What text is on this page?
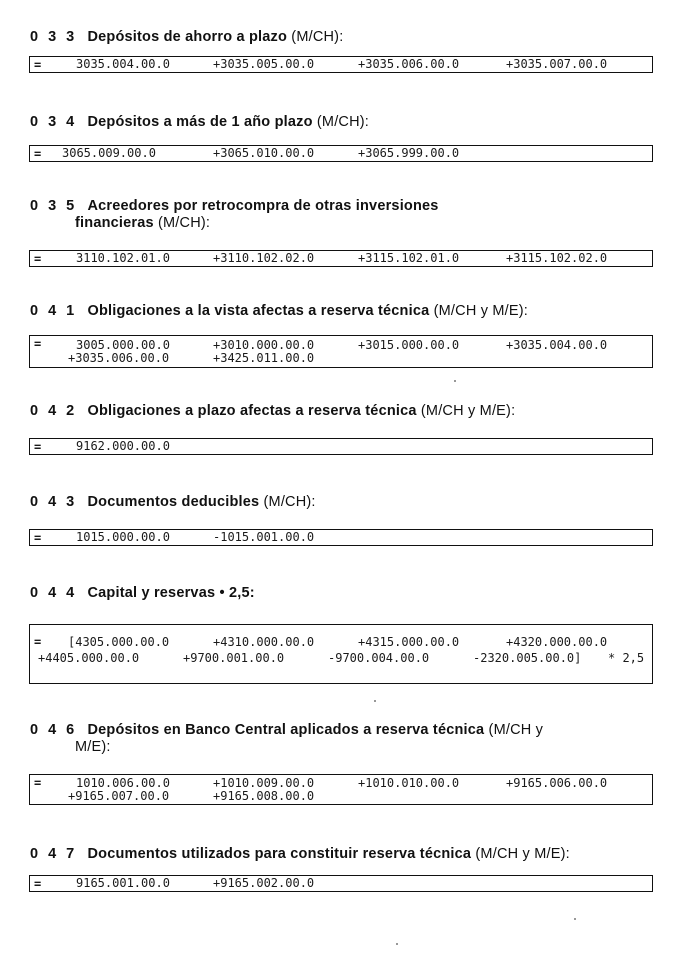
0 3 3 Depósitos de ahorro a plazo (M/CH):
=	3035.004.00.0	+3035.005.00.0	+3035.006.00.0	+3035.007.00.0
0 3 4 Depósitos a más de 1 año plazo (M/CH):
= 3065.009.00.0	+3065.010.00.0	+3065.999.00.0
0 3 5 Acreedores por retrocompra de otras inversiones
financieras (M/CH):
=	3110.102.01.0	+3110.102.02.0	+3115.102.01.0	+3115.102.02.0
0 4 1 Obligaciones a la vista afectas a reserva técnica (M/CH y M/E):
=	3005.000.00.0	+3010.000.00.0	+3015.000.00.0	+3035.004.00.0
+3035.006.00.0	+3425.011.00.0
0 4 2 Obligaciones a plazo afectas a reserva técnica (M/CH y M/E):
=	9162.000.00.0
0 4 3 Documentos deducibles (M/CH):
=	1015.000.00.0	-1015.001.00.0
0 4 4 Capital y reservas • 2,5:
= [4305.000.00.0	+4310.000.00.0	+4315.000.00.0	+4320.000.00.0
+4405.000.00.0	+9700.001.00.0	-9700.004.00.0	-2320.005.00.0] * 2,5
0 4 6 Depósitos en Banco Central aplicados a reserva técnica (M/CH y
M/E):
=	1010.006.00.0	+1010.009.00.0	+1010.010.00.0	+9165.006.00.0
+9165.007.00.0	+9165.008.00.0
0 4 7 Documentos utilizados para constituir reserva técnica (M/CH y M/E):
=	9165.001.00.0	+9165.002.00.0
